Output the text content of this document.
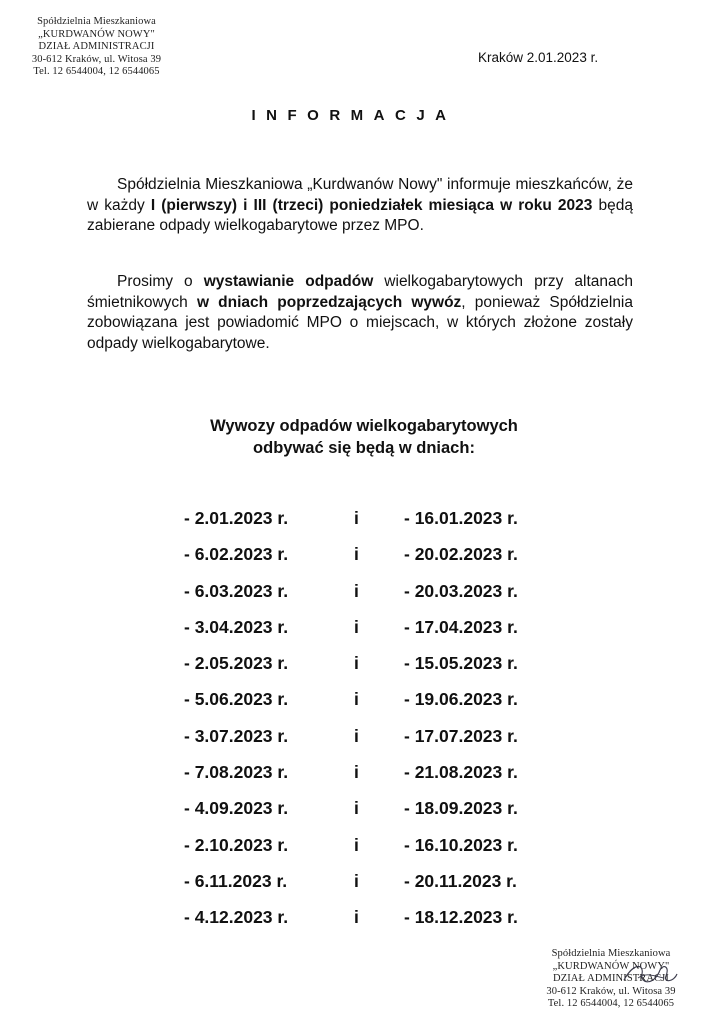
Spółdzielnia Mieszkaniowa
„KURDWANÓW NOWY"
DZIAŁ ADMINISTRACJI
30-612 Kraków, ul. Witosa 39
Tel. 12 6544004, 12 6544065
Kraków 2.01.2023 r.
INFORMACJA
Spółdzielnia Mieszkaniowa „Kurdwanów Nowy" informuje mieszkańców, że w każdy I (pierwszy) i III (trzeci) poniedziałek miesiąca w roku 2023 będą zabierane odpady wielkogabarytowe przez MPO.
Prosimy o wystawianie odpadów wielkogabarytowych przy altanach śmietnikowych w dniach poprzedzających wywóz, ponieważ Spółdzielnia zobowiązana jest powiadomić MPO o miejscach, w których złożone zostały odpady wielkogabarytowe.
Wywozy odpadów wielkogabarytowych
odbywać się będą w dniach:
- 2.01.2023 r.	i	- 16.01.2023 r.
- 6.02.2023 r.	i	- 20.02.2023 r.
- 6.03.2023 r.	i	- 20.03.2023 r.
- 3.04.2023 r.	i	- 17.04.2023 r.
- 2.05.2023 r.	i	- 15.05.2023 r.
- 5.06.2023 r.	i	- 19.06.2023 r.
- 3.07.2023 r.	i	- 17.07.2023 r.
- 7.08.2023 r.	i	- 21.08.2023 r.
- 4.09.2023 r.	i	- 18.09.2023 r.
- 2.10.2023 r.	i	- 16.10.2023 r.
- 6.11.2023 r.	i	- 20.11.2023 r.
- 4.12.2023 r.	i	- 18.12.2023 r.
Spółdzielnia Mieszkaniowa
„KURDWANÓW NOWY"
DZIAŁ ADMINISTRACJI
30-612 Kraków, ul. Witosa 39
Tel. 12 6544004, 12 6544065
